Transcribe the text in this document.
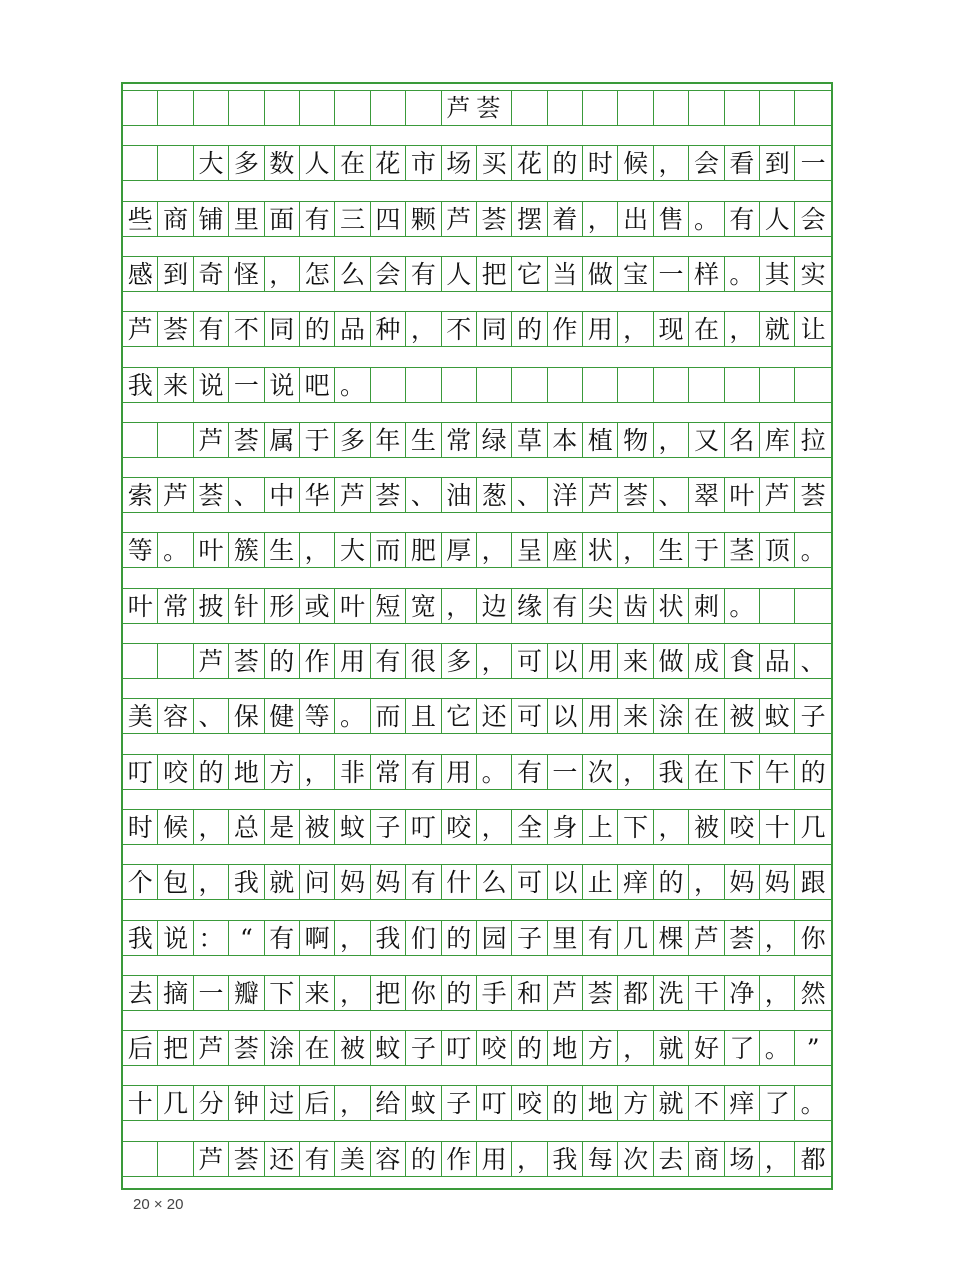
芦荟
大 多 数 人 在 花 市 场 买 花 的 时 候 ， 会 看 到 一
些 商 铺 里 面 有 三 四 颗 芦 荟 摆 着 ， 出 售 。 有 人 会
感 到 奇 怪 ， 怎 么 会 有 人 把 它 当 做 宝 一 样 。 其 实
芦 荟 有 不 同 的 品 种 ， 不 同 的 作 用 ， 现 在 ， 就 让
我 来 说 一 说 吧 。
芦 荟 属 于 多 年 生 常 绿 草 本 植 物 ， 又 名 库 拉
索 芦 荟 、 中 华 芦 荟 、 油 葱 、 洋 芦 荟 、 翠 叶 芦 荟
等 。 叶 簇 生 ， 大 而 肥 厚 ， 呈 座 状 ， 生 于 茎 顶 。
叶 常 披 针 形 或 叶 短 宽 ， 边 缘 有 尖 齿 状 刺 。
芦 荟 的 作 用 有 很 多 ， 可 以 用 来 做 成 食 品 、
美 容 、 保 健 等 。 而 且 它 还 可 以 用 来 涂 在 被 蚊 子
叮 咬 的 地 方 ， 非 常 有 用 。 有 一 次 ， 我 在 下 午 的
时 候 ， 总 是 被 蚊 子 叮 咬 ， 全 身 上 下 ， 被 咬 十 几
个 包 ， 我 就 问 妈 妈 有 什 么 可 以 止 痒 的 ， 妈 妈 跟
我 说 ： “ 有 啊 ， 我 们 的 园 子 里 有 几 棵 芦 荟 ， 你
去 摘 一 瓣 下 来 ， 把 你 的 手 和 芦 荟 都 洗 干 净 ， 然
后 把 芦 荟 涂 在 被 蚊 子 叮 咬 的 地 方 ， 就 好 了 。 ”
十 几 分 钟 过 后 ， 给 蚊 子 叮 咬 的 地 方 就 不 痒 了 。
芦 荟 还 有 美 容 的 作 用 ， 我 每 次 去 商 场 ， 都
20 × 20
